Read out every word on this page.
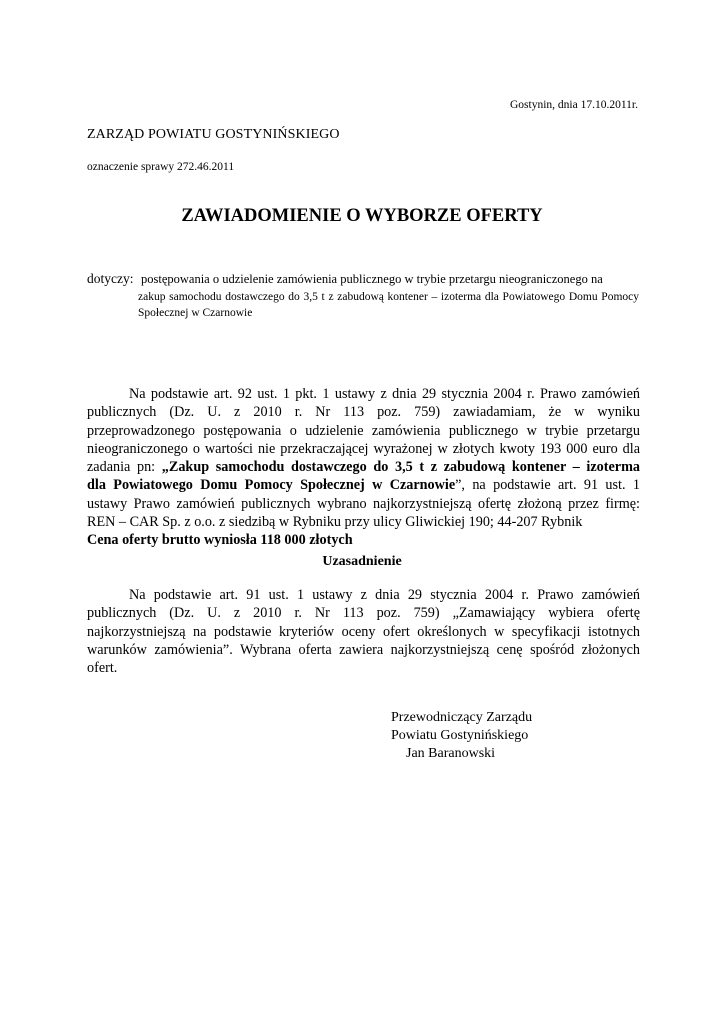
Gostynin, dnia 17.10.2011r.
ZARZĄD POWIATU GOSTYNIŃSKIEGO
oznaczenie sprawy 272.46.2011
ZAWIADOMIENIE O WYBORZE OFERTY
dotyczy: postępowania o udzielenie zamówienia publicznego w trybie przetargu nieograniczonego na
zakup samochodu dostawczego do 3,5 t z zabudową kontener – izoterma dla Powiatowego Domu Pomocy Społecznej w Czarnowie
Na podstawie art. 92 ust. 1 pkt. 1 ustawy z dnia 29 stycznia 2004 r. Prawo zamówień
publicznych (Dz. U. z 2010 r. Nr 113 poz. 759) zawiadamiam, że w wyniku
przeprowadzonego postępowania o udzielenie zamówienia publicznego w trybie przetargu
nieograniczonego o wartości nie przekraczającej wyrażonej w złotych kwoty 193 000 euro dla
zadania pn: „Zakup samochodu dostawczego do 3,5 t z zabudową kontener – izoterma
dla Powiatowego Domu Pomocy Społecznej w Czarnowie”, na podstawie art. 91 ust. 1
ustawy Prawo zamówień publicznych wybrano najkorzystniejszą ofertę złożoną przez firmę:
REN – CAR Sp. z o.o. z siedzibą w Rybniku przy ulicy Gliwickiej 190; 44-207 Rybnik
Cena oferty brutto wyniosła 118 000 złotych
Uzasadnienie
Na podstawie art. 91 ust. 1 ustawy z dnia 29 stycznia 2004 r. Prawo zamówień
publicznych (Dz. U. z 2010 r. Nr 113 poz. 759) „Zamawiający wybiera ofertę
najkorzystniejszą na podstawie kryteriów oceny ofert określonych w specyfikacji istotnych
warunków zamówienia”. Wybrana oferta zawiera najkorzystniejszą cenę spośród złożonych
ofert.
Przewodniczący Zarządu
Powiatu Gostynińskiego
Jan Baranowski
